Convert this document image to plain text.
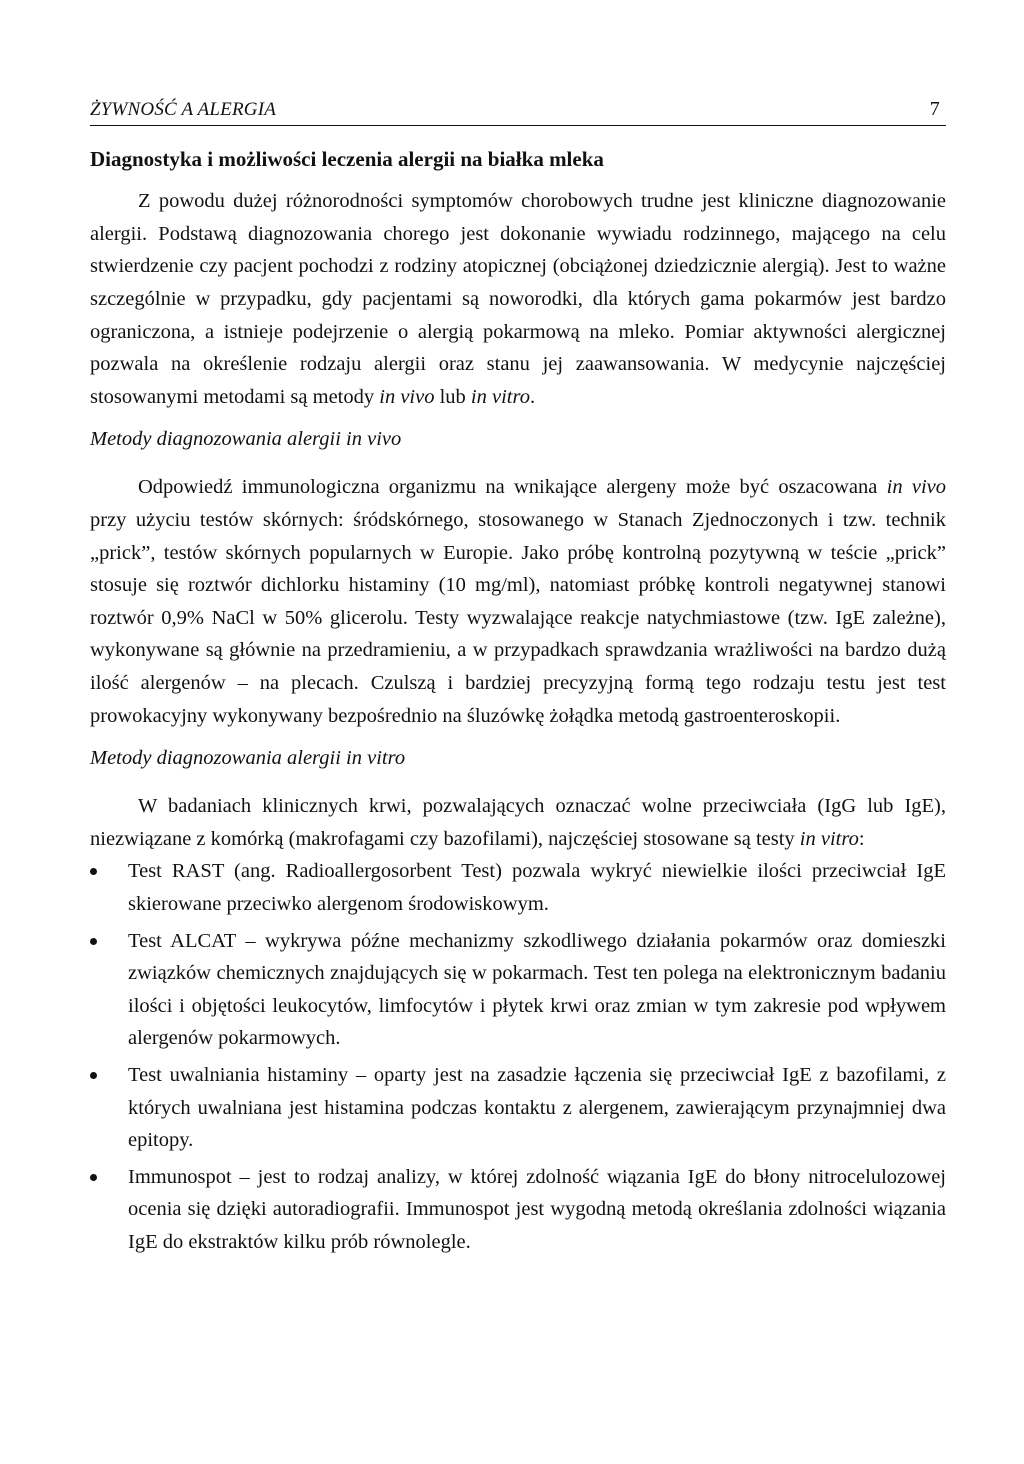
ŻYWNOŚĆ A ALERGIA	7
Diagnostyka i możliwości leczenia alergii na białka mleka

Z powodu dużej różnorodności symptomów chorobowych trudne jest kliniczne diagnozowanie alergii. Podstawą diagnozowania chorego jest dokonanie wywiadu rodzinnego, mającego na celu stwierdzenie czy pacjent pochodzi z rodziny atopicznej (obciążonej dziedzicznie alergią). Jest to ważne szczególnie w przypadku, gdy pacjentami są noworodki, dla których gama pokarmów jest bardzo ograniczona, a istnieje podejrzenie o alergią pokarmową na mleko. Pomiar aktywności alergicznej pozwala na określenie rodzaju alergii oraz stanu jej zaawansowania. W medycynie najczęściej stosowanymi metodami są metody in vivo lub in vitro.

Metody diagnozowania alergii in vivo

Odpowiedź immunologiczna organizmu na wnikające alergeny może być oszacowana in vivo przy użyciu testów skórnych: śródskórnego, stosowanego w Stanach Zjednoczonych i tzw. technik „prick”, testów skórnych popularnych w Europie. Jako próbę kontrolną pozytywną w teście „prick” stosuje się roztwór dichlorku histaminy (10 mg/ml), natomiast próbkę kontroli negatywnej stanowi roztwór 0,9% NaCl w 50% glicerolu. Testy wyzwalające reakcje natychmiastowe (tzw. IgE zależne), wykonywane są głównie na przedramieniu, a w przypadkach sprawdzania wrażliwości na bardzo dużą ilość alergenów – na plecach. Czulszą i bardziej precyzyjną formą tego rodzaju testu jest test prowokacyjny wykonywany bezpośrednio na śluzówkę żołądka metodą gastroenteroskopii.

Metody diagnozowania alergii in vitro

W badaniach klinicznych krwi, pozwalających oznaczać wolne przeciwciała (IgG lub IgE), niezwiązane z komórką (makrofagami czy bazofilami), najczęściej stosowane są testy in vitro:

Test RAST (ang. Radioallergosorbent Test) pozwala wykryć niewielkie ilości przeciwciał IgE skierowane przeciwko alergenom środowiskowym.
Test ALCAT – wykrywa późne mechanizmy szkodliwego działania pokarmów oraz domieszki związków chemicznych znajdujących się w pokarmach. Test ten polega na elektronicznym badaniu ilości i objętości leukocytów, limfocytów i płytek krwi oraz zmian w tym zakresie pod wpływem alergenów pokarmowych.
Test uwalniania histaminy – oparty jest na zasadzie łączenia się przeciwciał IgE z bazofilami, z których uwalniana jest histamina podczas kontaktu z alergenem, zawierającym przynajmniej dwa epitopy.
Immunospot – jest to rodzaj analizy, w której zdolność wiązania IgE do błony nitrocelulozowej ocenia się dzięki autoradiografii. Immunospot jest wygodną metodą określania zdolności wiązania IgE do ekstraktów kilku prób równolegle.
